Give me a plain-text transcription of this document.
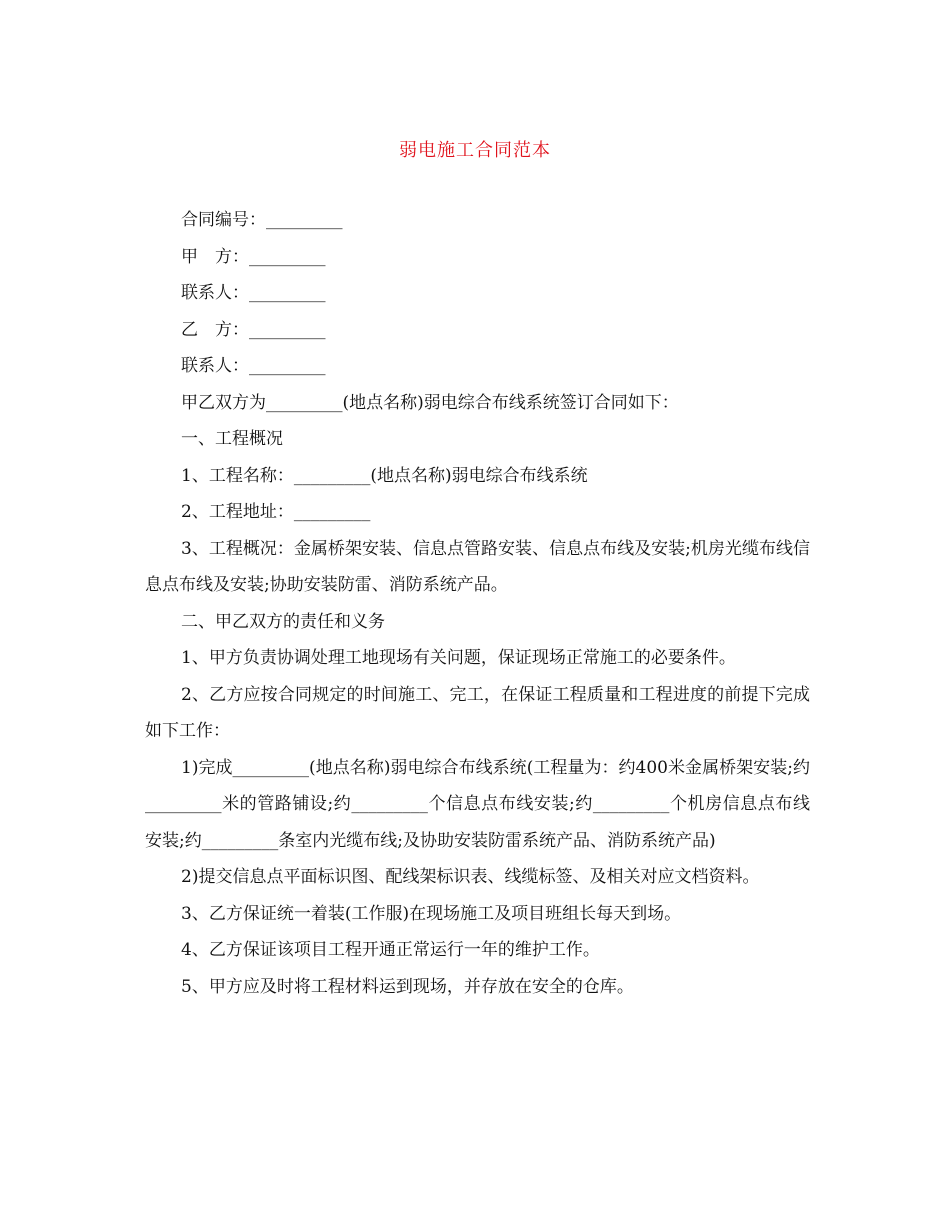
弱电施工合同范本

合同编号：_________

甲　方：_________

联系人：_________

乙　方：_________

联系人：_________

甲乙双方为_________(地点名称)弱电综合布线系统签订合同如下：

一、工程概况

1、工程名称：_________(地点名称)弱电综合布线系统

2、工程地址：_________

3、工程概况：金属桥架安装、信息点管路安装、信息点布线及安装;机房光缆布线信息点布线及安装;协助安装防雷、消防系统产品。

二、甲乙双方的责任和义务

1、甲方负责协调处理工地现场有关问题，保证现场正常施工的必要条件。

2、乙方应按合同规定的时间施工、完工，在保证工程质量和工程进度的前提下完成如下工作：

1)完成_________(地点名称)弱电综合布线系统(工程量为：约400米金属桥架安装;约_________米的管路铺设;约_________个信息点布线安装;约_________个机房信息点布线安装;约_________条室内光缆布线;及协助安装防雷系统产品、消防系统产品)

2)提交信息点平面标识图、配线架标识表、线缆标签、及相关对应文档资料。

3、乙方保证统一着装(工作服)在现场施工及项目班组长每天到场。

4、乙方保证该项目工程开通正常运行一年的维护工作。

5、甲方应及时将工程材料运到现场，并存放在安全的仓库。
